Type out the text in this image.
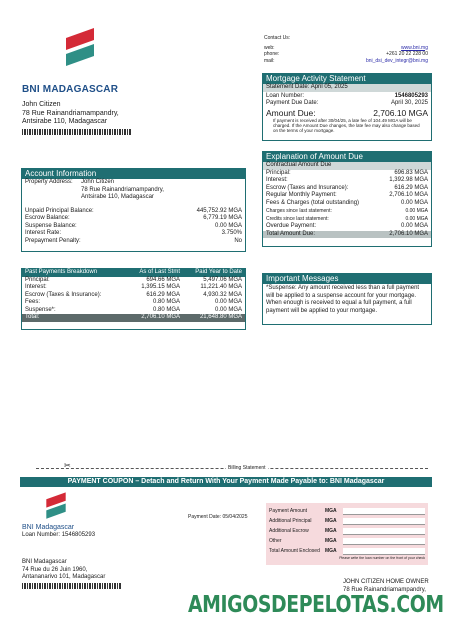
BNI MADAGASCAR
John Citizen
78 Rue Rainandriamampandry,
Antsirabe 110, Madagascar
Contact Us:
web:	www.bni.mg
phone:	+261 20 22 228 00
mail:	bni_dsi_dev_integr@bni.mg
Mortgage Activity Statement
Statement Date: April 05, 2025
Loan Number:	1546805293
Payment Due Date:	April 30, 2025
Amount Due:	2,706.10 MGA
If payment is received after 30/04/25, a late fee of 104.49 MGA will be charged. If the Amount Due changes, the late fee may also change based on the terms of your mortgage.
Account Information
Property Address:	John Citizen
78 Rue Rainandriamampandry,
Antsirabe 110, Madagascar
Unpaid Principal Balance:	445,752.92 MGA
Escrow Balance:	6,779.19 MGA
Suspense Balance:	0.00 MGA
Interest Rate:	3.750%
Prepayment Penalty:	No
Explanation of Amount Due
Contractual Amount Due
Principal:	696.83 MGA
Interest:	1,392.98 MGA
Escrow (Taxes and Insurance):	616.29 MGA
Regular Monthly Payment:	2,706.10 MGA
Fees & Charges (total outstanding)	0.00 MGA
Charges since last statement:	0.00 MGA
Credits since last statement:	0.00 MGA
Overdue Payment:	0.00 MGA
Total Amount Due:	2,706.10 MGA
Past Payments Breakdown	As of Last Stmt	Paid Year to Date
Principal:	694.66 MGA	5,497.06 MGA
Interest:	1,395.15 MGA	11,221.40 MGA
Escrow (Taxes & Insurance):	616.29 MGA	4,930.32 MGA
Fees:	0.80 MGA	0.00 MGA
Suspense*:	0.80 MGA	0.00 MGA
Total:	2,706.10 MGA	21,648.80 MGA
Important Messages
*Suspense: Any amount received less than a full payment will be applied to a suspense account for your mortgage. When enough is received to equal a full payment, a full payment will be applied to your mortgage.
✂	Billing Statement
PAYMENT COUPON – Detach and Return With Your Payment Made Payable to: BNI Madagascar
BNI Madagascar
Loan Number: 1546805293
BNI Madagascar
74 Rue du 26 Juin 1960,
Antananarivo 101, Madagascar
Payment Date: 05/04/2025
Payment Amount	MGA
Additional Principal	MGA
Additional Escrow	MGA
Other	MGA
Total Amount Enclosed	MGA
Please write the loan number on the front of your check
JOHN CITIZEN HOME OWNER
78 Rue Rainandriamampandry,
AMIGOSDEPELOTAS.COM
